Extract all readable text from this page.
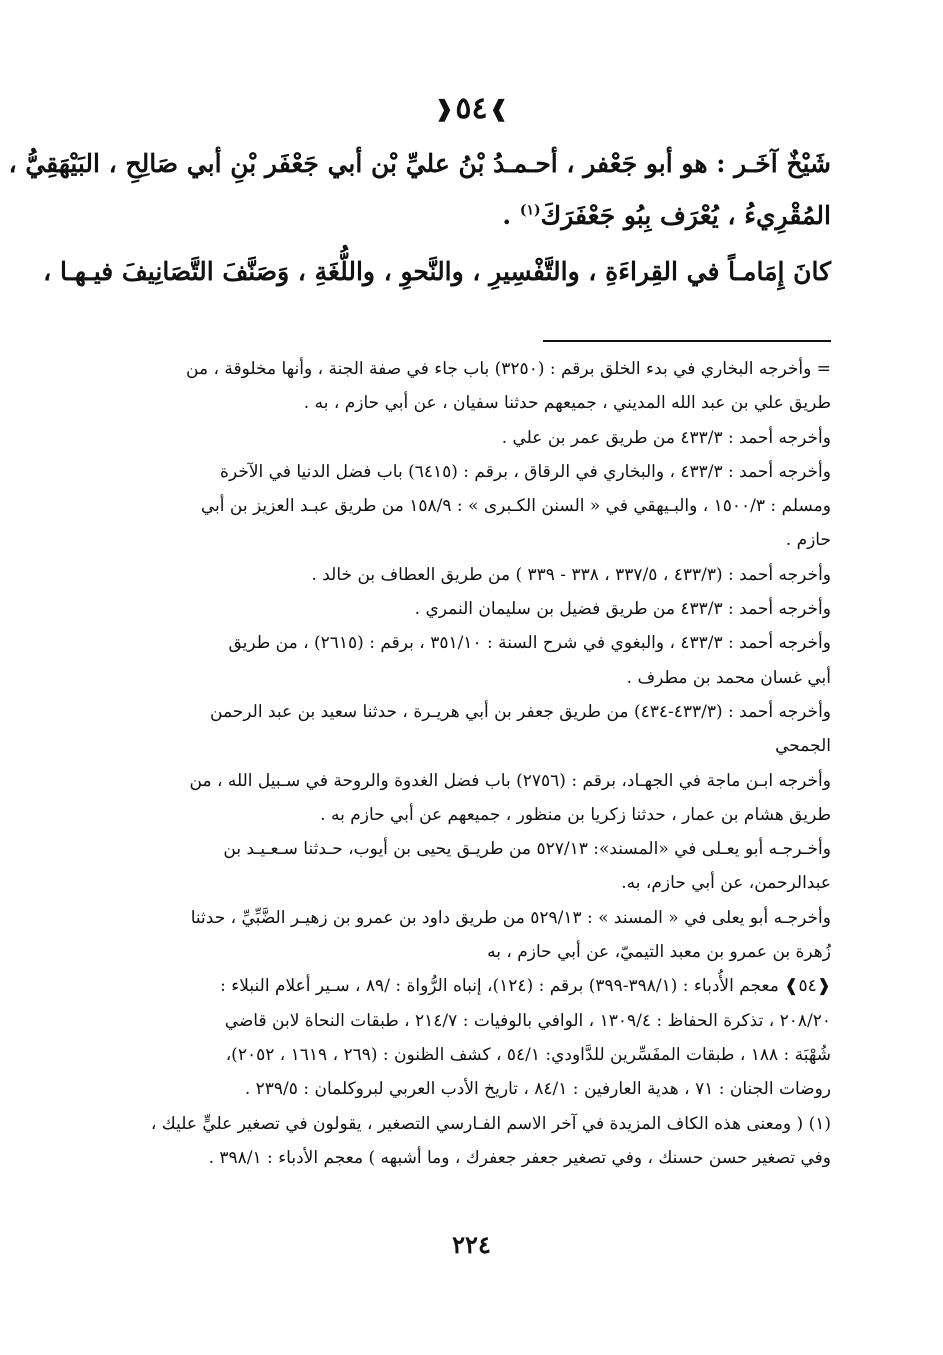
❱٥٤❰

شَيْخٌ آخَـر : هو أبو جَعْفر ، أحـمـدُ بْنُ عليِّ بْن أبي جَعْفَر بْنِ أبي صَالِحِ ، البَيْهَقِيُّ ،

المُقْرِيءُ ، يُعْرَف بِبُو جَعْفَرَكَ$^{(١)}$ .

كانَ إِمَامـاً في القِراءَةِ ، والتَّفْسِيرِ ، والنَّحوِ ، واللُّغَةِ ، وَصَنَّفَ التَّصَانِيفَ فيـهـا ،

= وأخرجه البخاري في بدء الخلق برقم : (٣٢٥٠) باب جاء في صفة الجنة ، وأنها مخلوقة ، من
طريق علي بن عبد الله المديني ، جميعهم حدثنا سفيان ، عن أبي حازم ، به .
وأخرجه أحمد : ٤٣٣/٣ من طريق عمر بن علي .
وأخرجه أحمد : ٤٣٣/٣ ، والبخاري في الرقاق ، برقم : (٦٤١٥) باب فضل الدنيا في الآخرة
ومسلم : ١٥٠٠/٣ ، والبـيهقي في « السنن الكـبرى » : ١٥٨/٩ من طريق عبـد العزيز بن أبي
حازم .
وأخرجه أحمد : (٤٣٣/٣ ، ٣٣٧/٥ ، ٣٣٨ - ٣٣٩ ) من طريق العطاف بن خالد .
وأخرجه أحمد : ٤٣٣/٣ من طريق فضيل بن سليمان النمري .
وأخرجه أحمد : ٤٣٣/٣ ، والبغوي في شرح السنة : ٣٥١/١٠ ، برقم : (٢٦١٥) ، من طريق
أبي غسان محمد بن مطرف .
وأخرجه أحمد : (٤٣٣/٣-٤٣٤) من طريق جعفر بن أبي هريـرة ، حدثنا سعيد بن عبد الرحمن
الجمحي
وأخرجه ابـن ماجة في الجهـاد، برقم : (٢٧٥٦) باب فضل الغدوة والروحة في سـبيل الله ، من
طريق هشام بن عمار ، حدثنا زكريا بن منظور ، جميعهم عن أبي حازم به .
وأخـرجـه أبو يعـلى في «المسند»: ٥٢٧/١٣ من طريـق يحيى بن أيوب، حـدثنا سـعـيـد بن
عبدالرحمن، عن أبي حازم، به.
وأخرجـه أبو يعلى في « المسند » : ٥٢٩/١٣ من طريق داود بن عمرو بن زهيـر الضَّبِّيِّ ، حدثنا
زُهرة بن عمرو بن معبد التيميّ، عن أبي حازم ، به
❰٥٤❱ معجم الأُدباء : (٣٩٨/١-٣٩٩) برقم : (١٢٤)، إنباه الرُّواة : /٨٩ ، سـير أعلام النبلاء :
٢٠٨/٢٠ ، تذكرة الحفاظ : ١٣٠٩/٤ ، الوافي بالوفيات : ٢١٤/٧ ، طبقات النحاة لابن قاضي
شُهْبَة : ١٨٨ ، طبقات المفَسِّرين للدَّاودي: ٥٤/١ ، كشف الظنون : (٢٦٩ ، ١٦١٩ ، ٢٠٥٢)،
روضات الجنان : ٧١ ، هدية العارفين : ٨٤/١ ، تاريخ الأدب العربي لبروكلمان : ٢٣٩/٥ .
(١) ( ومعنى هذه الكاف المزيدة في آخر الاسم الفـارسي التصغير ، يقولون في تصغير عليٍّ عليك ،
وفي تصغير حسن حسنك ، وفي تصغير جعفر جعفرك ، وما أشبهه ) معجم الأدباء : ٣٩٨/١ .
٢٢٤
